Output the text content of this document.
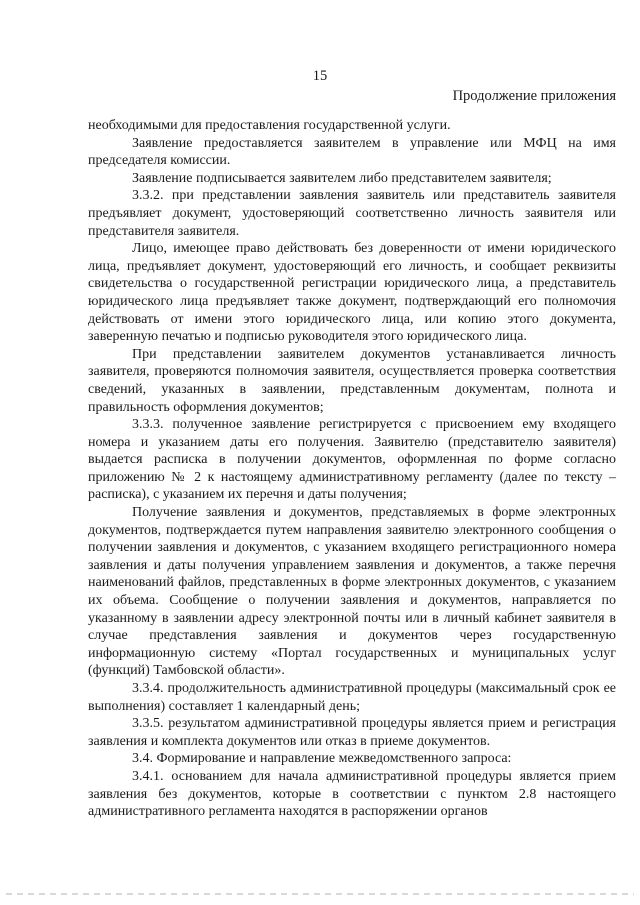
15
Продолжение приложения

необходимыми для предоставления государственной услуги.

Заявление предоставляется заявителем в управление или МФЦ на имя председателя комиссии.

Заявление подписывается заявителем либо представителем заявителя;

3.3.2. при представлении заявления заявитель или представитель заявителя предъявляет документ, удостоверяющий соответственно личность заявителя или представителя заявителя.

Лицо, имеющее право действовать без доверенности от имени юридического лица, предъявляет документ, удостоверяющий его личность, и сообщает реквизиты свидетельства о государственной регистрации юридического лица, а представитель юридического лица предъявляет также документ, подтверждающий его полномочия действовать от имени этого юридического лица, или копию этого документа, заверенную печатью и подписью руководителя этого юридического лица.

При представлении заявителем документов устанавливается личность заявителя, проверяются полномочия заявителя, осуществляется проверка соответствия сведений, указанных в заявлении, представленным документам, полнота и правильность оформления документов;

3.3.3. полученное заявление регистрируется с присвоением ему входящего номера и указанием даты его получения. Заявителю (представителю заявителя) выдается расписка в получении документов, оформленная по форме согласно приложению № 2 к настоящему административному регламенту (далее по тексту – расписка), с указанием их перечня и даты получения;

Получение заявления и документов, представляемых в форме электронных документов, подтверждается путем направления заявителю электронного сообщения о получении заявления и документов, с указанием входящего регистрационного номера заявления и даты получения управлением заявления и документов, а также перечня наименований файлов, представленных в форме электронных документов, с указанием их объема. Сообщение о получении заявления и документов, направляется по указанному в заявлении адресу электронной почты или в личный кабинет заявителя в случае представления заявления и документов через государственную информационную систему «Портал государственных и муниципальных услуг (функций) Тамбовской области».

3.3.4. продолжительность административной процедуры (максимальный срок ее выполнения) составляет 1 календарный день;

3.3.5. результатом административной процедуры является прием и регистрация заявления и комплекта документов или отказ в приеме документов.

3.4. Формирование и направление межведомственного запроса:

3.4.1. основанием для начала административной процедуры является прием заявления без документов, которые в соответствии с пунктом 2.8 настоящего административного регламента находятся в распоряжении органов
